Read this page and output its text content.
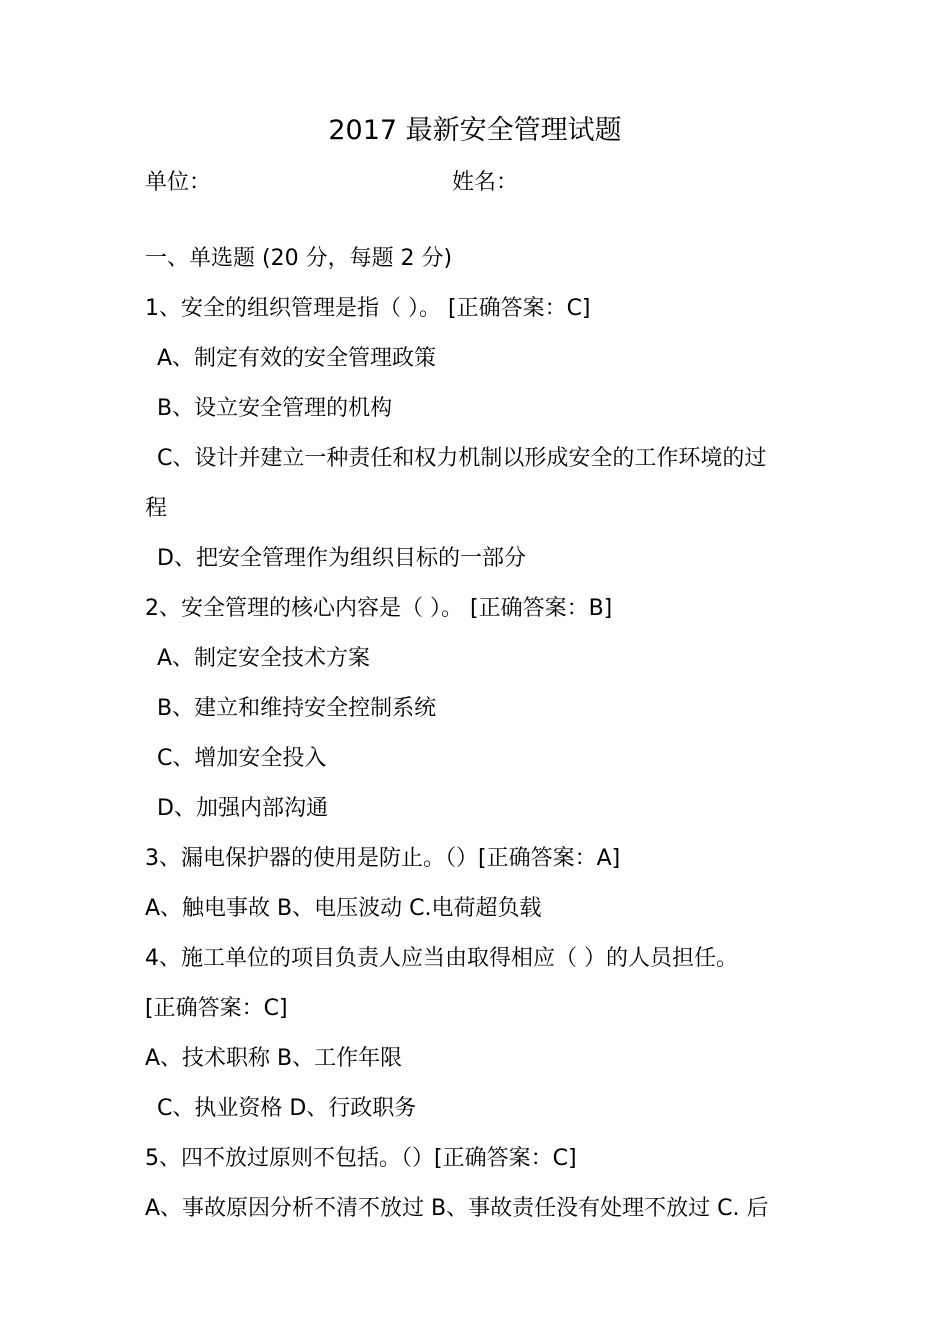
2017 最新安全管理试题
单位：	姓名：
一、单选题 (20 分，每题 2 分)
1、安全的组织管理是指（ ）。 [正确答案：C]
A、制定有效的安全管理政策
B、设立安全管理的机构
C、设计并建立一种责任和权力机制以形成安全的工作环境的过
程
D、把安全管理作为组织目标的一部分
2、安全管理的核心内容是（ ）。 [正确答案：B]
A、制定安全技术方案
B、建立和维持安全控制系统
C、增加安全投入
D、加强内部沟通
3、漏电保护器的使用是防止。（）[正确答案：A]
A、触电事故 B、电压波动 C.电荷超负载
4、施工单位的项目负责人应当由取得相应（ ）的人员担任。
[正确答案：C]
A、技术职称 B、工作年限
C、执业资格 D、行政职务
5、四不放过原则不包括。（）[正确答案：C]
A、事故原因分析不清不放过 B、事故责任没有处理不放过 C. 后
